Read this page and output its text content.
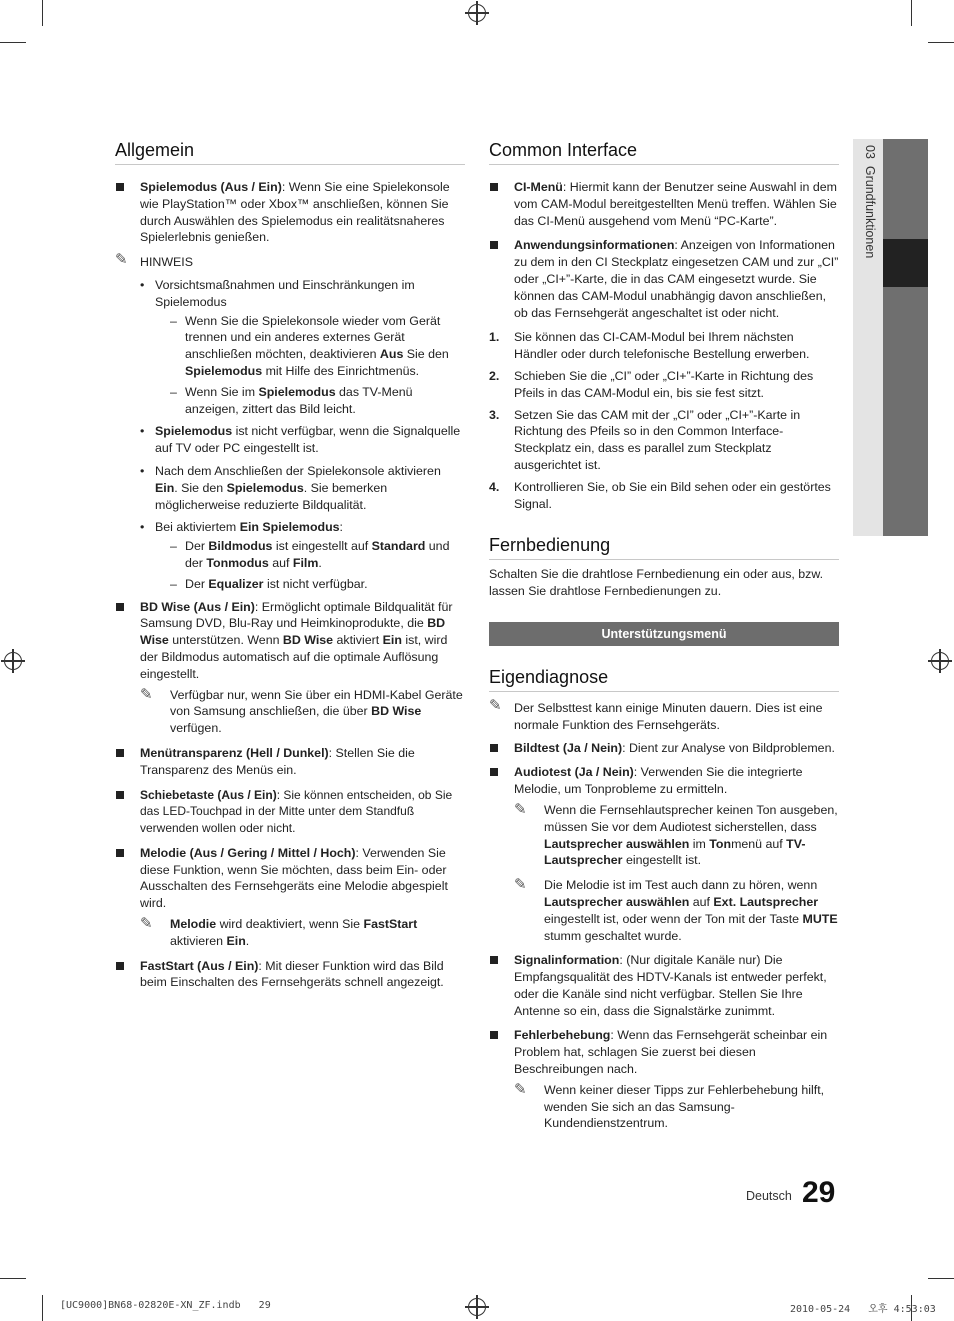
03  Grundfunktionen
Allgemein
Spielemodus (Aus / Ein): Wenn Sie eine Spielekonsole wie PlayStation™ oder Xbox™ anschließen, können Sie durch Auswählen des Spielemodus ein realitätsnaheres Spielerlebnis genießen.
✎ HINWEIS
• Vorsichtsmaßnahmen und Einschränkungen im Spielemodus
– Wenn Sie die Spielekonsole wieder vom Gerät trennen und ein anderes externes Gerät anschließen möchten, deaktivieren Aus Sie den Spielemodus mit Hilfe des Einrichtmenüs.
– Wenn Sie im Spielemodus das TV-Menü anzeigen, zittert das Bild leicht.
• Spielemodus ist nicht verfügbar, wenn die Signalquelle auf TV oder PC eingestellt ist.
• Nach dem Anschließen der Spielekonsole aktivieren Ein. Sie den Spielemodus. Sie bemerken möglicherweise reduzierte Bildqualität.
• Bei aktiviertem Ein Spielemodus:
– Der Bildmodus ist eingestellt auf Standard und der Tonmodus auf Film.
– Der Equalizer ist nicht verfügbar.
BD Wise (Aus / Ein): Ermöglicht optimale Bildqualität für Samsung DVD, Blu-Ray und Heimkinoprodukte, die BD Wise unterstützen. Wenn BD Wise aktiviert Ein ist, wird der Bildmodus automatisch auf die optimale Auflösung eingestellt.
✎ Verfügbar nur, wenn Sie über ein HDMI-Kabel Geräte von Samsung anschließen, die über BD Wise verfügen.
Menütransparenz (Hell / Dunkel): Stellen Sie die Transparenz des Menüs ein.
Schiebetaste (Aus / Ein): Sie können entscheiden, ob Sie das LED-Touchpad in der Mitte unter dem Standfuß verwenden wollen oder nicht.
Melodie (Aus / Gering / Mittel / Hoch): Verwenden Sie diese Funktion, wenn Sie möchten, dass beim Ein- oder Ausschalten des Fernsehgeräts eine Melodie abgespielt wird.
✎ Melodie wird deaktiviert, wenn Sie FastStart aktivieren Ein.
FastStart (Aus / Ein): Mit dieser Funktion wird das Bild beim Einschalten des Fernsehgeräts schnell angezeigt.
Common Interface
CI-Menü: Hiermit kann der Benutzer seine Auswahl in dem vom CAM-Modul bereitgestellten Menü treffen. Wählen Sie das CI-Menü ausgehend vom Menü “PC-Karte”.
Anwendungsinformationen: Anzeigen von Informationen zu dem in den CI Steckplatz eingesetzen CAM und zur „CI” oder „CI+”-Karte, die in das CAM eingesetzt wurde. Sie können das CAM-Modul unabhängig davon anschließen, ob das Fernsehgerät angeschaltet ist oder nicht.
1. Sie können das CI-CAM-Modul bei Ihrem nächsten Händler oder durch telefonische Bestellung erwerben.
2. Schieben Sie die „CI” oder „CI+”-Karte in Richtung des Pfeils in das CAM-Modul ein, bis sie fest sitzt.
3. Setzen Sie das CAM mit der „CI” oder „CI+”-Karte in Richtung des Pfeils so in den Common Interface-Steckplatz ein, dass es parallel zum Steckplatz ausgerichtet ist.
4. Kontrollieren Sie, ob Sie ein Bild sehen oder ein gestörtes Signal.
Fernbedienung
Schalten Sie die drahtlose Fernbedienung ein oder aus, bzw. lassen Sie drahtlose Fernbedienungen zu.
Unterstützungsmenü
Eigendiagnose
✎ Der Selbsttest kann einige Minuten dauern. Dies ist eine normale Funktion des Fernsehgeräts.
Bildtest (Ja / Nein): Dient zur Analyse von Bildproblemen.
Audiotest (Ja / Nein): Verwenden Sie die integrierte Melodie, um Tonprobleme zu ermitteln.
✎ Wenn die Fernsehlautsprecher keinen Ton ausgeben, müssen Sie vor dem Audiotest sicherstellen, dass Lautsprecher auswählen im Tonmenü auf TV-Lautsprecher eingestellt ist.
✎ Die Melodie ist im Test auch dann zu hören, wenn Lautsprecher auswählen auf Ext. Lautsprecher eingestellt ist, oder wenn der Ton mit der Taste MUTE stumm geschaltet wurde.
Signalinformation: (Nur digitale Kanäle nur) Die Empfangsqualität des HDTV-Kanals ist entweder perfekt, oder die Kanäle sind nicht verfügbar. Stellen Sie Ihre Antenne so ein, dass die Signalstärke zunimmt.
Fehlerbehebung: Wenn das Fernsehgerät scheinbar ein Problem hat, schlagen Sie zuerst bei diesen Beschreibungen nach.
✎ Wenn keiner dieser Tipps zur Fehlerbehebung hilft, wenden Sie sich an das Samsung-Kundendienstzentrum.
Deutsch 29
[UC9000]BN68-02820E-XN_ZF.indb   29	2010-05-24   오후 4:53:03
